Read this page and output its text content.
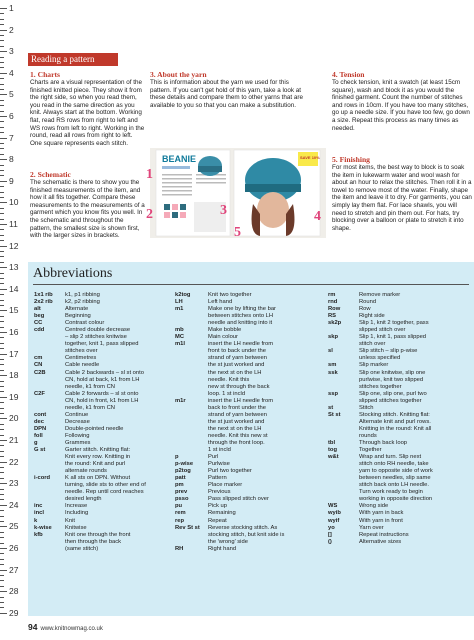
1
2
3
4
5
6
7
8
9
10
11
12
13
14
15
16
17
18
19
20
21
22
23
24
25
26
27
28
29
Reading a pattern
1. Charts
Charts are a visual representation of the finished knitted piece. They show it from the right side, so when you read them, you read in the same direction as you knit. Always start at the bottom. Working flat, read RS rows from right to left and WS rows from left to right. Working in the round, read all rows from right to left. One square represents each stitch.
2. Schematic
The schematic is there to show you the finished measurements of the item, and how it all fits together. Compare these measurements to the measurements of a garment which you know fits you well. In the schematic and throughout the pattern, the smallest size is shown first, with the larger sizes in brackets.
3. About the yarn
This is information about the yarn we used for this pattern. If you can't get hold of this yarn, take a look at these details and compare them to other yarns that are available to you so that you can make a substitution.
4. Tension
To check tension, knit a swatch (at least 15cm square), wash and block it as you would the finished garment. Count the number of stitches and rows in 10cm. If you have too many stitches, go up a needle size. If you have too few, go down a size. Repeat this process as many times as needed.
5. Finishing
For most items, the best way to block is to soak the item in lukewarm water and wool wash for about an hour to relax the stitches. Then roll it in a towel to remove most of the water. Finally, shape the item and leave it to dry. For garments, you can simply lay them flat. For lace shawls, you will need to stretch and pin them out. For hats, try blocking over a balloon or plate to stretch it into shape.
BEANIE	SAVE 10%
1
2	3	4
5
Abbreviations
1x1 rib	k1, p1 ribbing
2x2 rib	k2, p2 ribbing
alt	Alternate
beg	Beginning
CC	Contrast colour
cdd	Centred double decrease
– slip 2 stitches knitwise
together, knit 1, pass slipped
stitches over
cm	Centimetres
CN	Cable needle
C2B	Cable 2 backwards – sl st onto
CN, hold at back, k1 from LH
needle, k1 from CN
C2F	Cable 2 forwards – sl st onto
CN, hold in front, k1 from LH
needle, k1 from CN
cont	Continue
dec	Decrease
DPN	Double-pointed needle
foll	Following
g	Grammes
G st	Garter stitch. Knitting flat:
Knit every row. Knitting in
the round: Knit and purl
alternate rounds
i-cord	K all sts on DPN. Without
turning, slide sts to other end of
needle. Rep until cord reaches
desired length
inc	Increase
incl	Including
k	Knit
k-wise	Knitwise
kfb	Knit one through the front
then through the back
(same stitch)
k2tog	Knit two together
LH	Left hand
m1	Make one by lifting the bar
between stitches onto LH
needle and knitting into it
mb	Make bobble
MC	Main colour
m1l	insert the LH needle from
front to back under the
strand of yarn between
the st just worked and
the next st on the LH
needle. Knit this
new st through the back
loop. 1 st incld
m1r	insert the LH needle from
back to front under the
strand of yarn between
the st just worked and
the next st on the LH
needle. Knit this new st
through the front loop.
1 st incld
p	Purl
p-wise	Purlwise
p2tog	Purl two together
patt	Pattern
pm	Place marker
prev	Previous
psso	Pass slipped stitch over
pu	Pick up
rem	Remaining
rep	Repeat
Rev St st	Reverse stocking stitch. As
stocking stitch, but knit side is
the 'wrong' side
RH	Right hand
rm	Remove marker
rnd	Round
Row	Row
RS	Right side
sk2p	Slip 1, knit 2 together, pass
slipped stitch over
skp	Slip 1, knit 1, pass slipped
stitch over
sl	Slip stitch – slip p-wise
unless specified
sm	Slip marker
ssk	Slip one knitwise, slip one
purlwise, knit two slipped
stitches together
ssp	Slip one, slip one, purl two
slipped stitches together
st	Stitch
St st	Stocking stitch. Knitting flat:
Alternate knit and purl rows.
Knitting in the round: Knit all
rounds
tbl	Through back loop
tog	Together
w&t	Wrap and turn. Slip next
stitch onto RH needle, take
yarn to opposite side of work
between needles, slip same
stitch back onto LH needle.
Turn work ready to begin
working in opposite direction
WS	Wrong side
wyib	With yarn in back
wyif	With yarn in front
yo	Yarn over
[]	Repeat instructions
()	Alternative sizes
94 www.knitnowmag.co.uk
